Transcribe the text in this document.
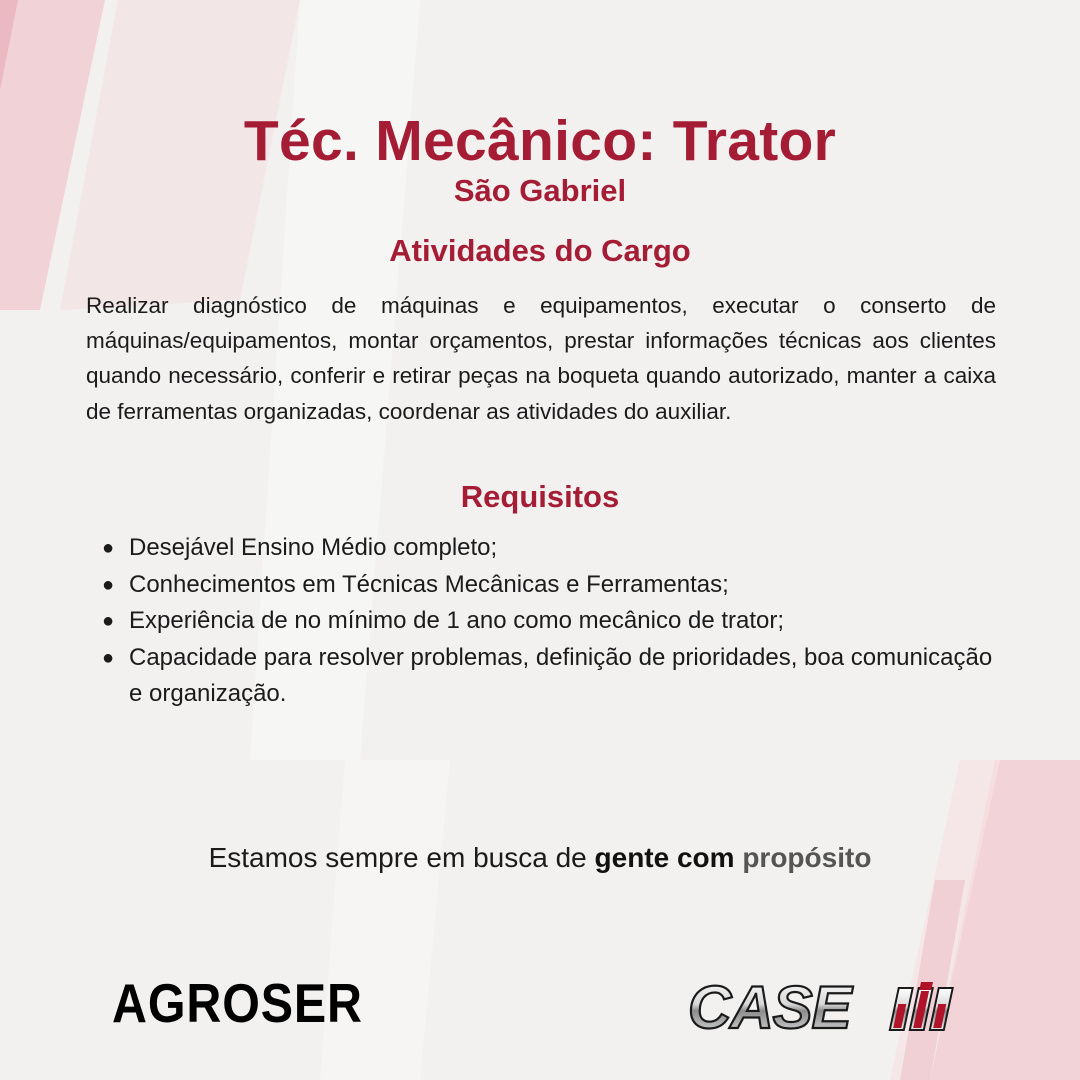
Téc. Mecânico: Trator
São Gabriel
Atividades do Cargo
Realizar diagnóstico de máquinas e equipamentos, executar o conserto de máquinas/equipamentos, montar orçamentos, prestar informações técnicas aos clientes quando necessário, conferir e retirar peças na boqueta quando autorizado, manter a caixa de ferramentas organizadas, coordenar as atividades do auxiliar.
Requisitos
● Desejável Ensino Médio completo;
● Conhecimentos em Técnicas Mecânicas e Ferramentas;
● Experiência de no mínimo de 1 ano como mecânico de trator;
● Capacidade para resolver problemas, definição de prioridades, boa comunicação e organização.
Estamos sempre em busca de gente com propósito
AGROSER	CASE
